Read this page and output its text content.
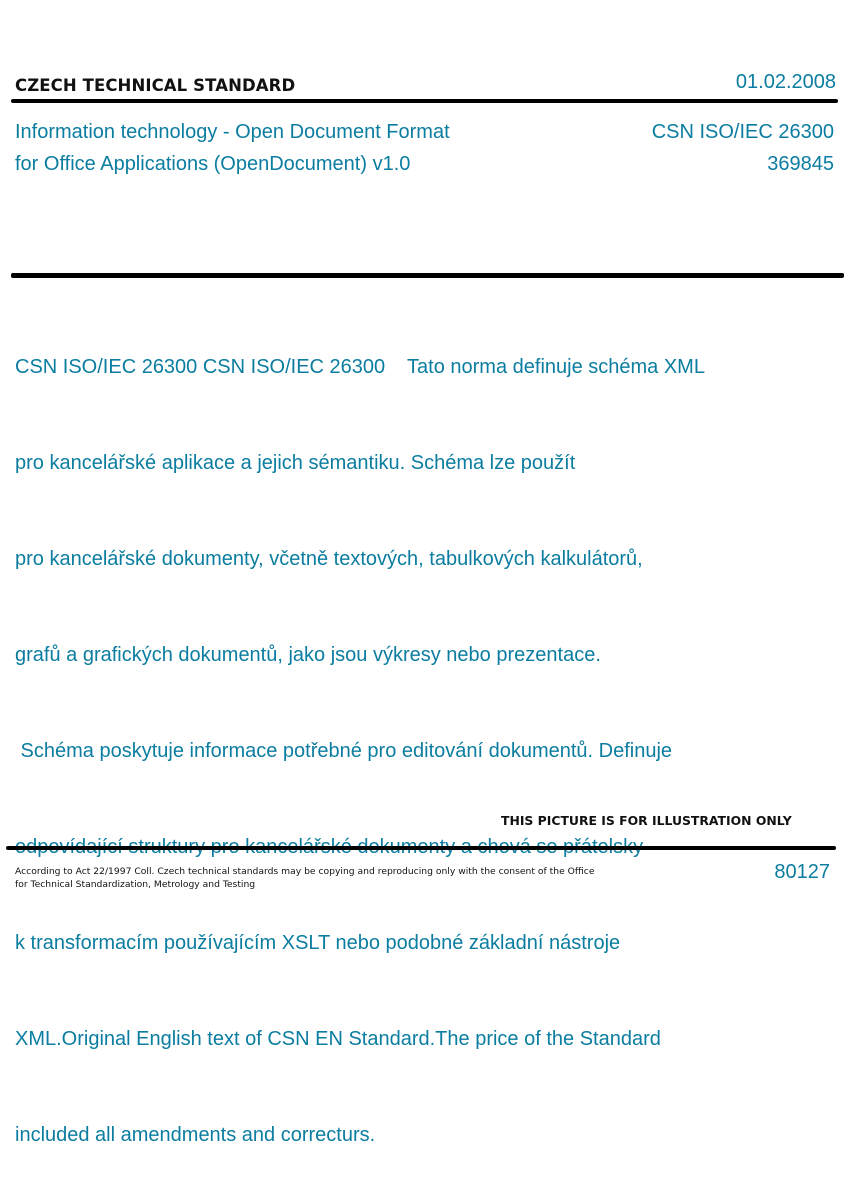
CZECH TECHNICAL STANDARD	01.02.2008
Information technology - Open Document Format
for Office Applications (OpenDocument) v1.0
CSN ISO/IEC 26300
369845

CSN ISO/IEC 26300 CSN ISO/IEC 26300    Tato norma definuje schéma XML

pro kancelářské aplikace a jejich sémantiku. Schéma lze použít

pro kancelářské dokumenty, včetně textových, tabulkových kalkulátorů,

grafů a grafických dokumentů, jako jsou výkresy nebo prezentace.

Schéma poskytuje informace potřebné pro editování dokumentů. Definuje

k transformacím používajícím XSLT nebo podobné základní nástroje

XML.Original English text of CSN EN Standard.The price of the Standard

included all amendments and correcturs.

THIS PICTURE IS FOR ILLUSTRATION ONLY
According to Act 22/1997 Coll. Czech technical standards may be copying and reproducing only with the consent of the Office
for Technical Standardization, Metrology and Testing
80127
